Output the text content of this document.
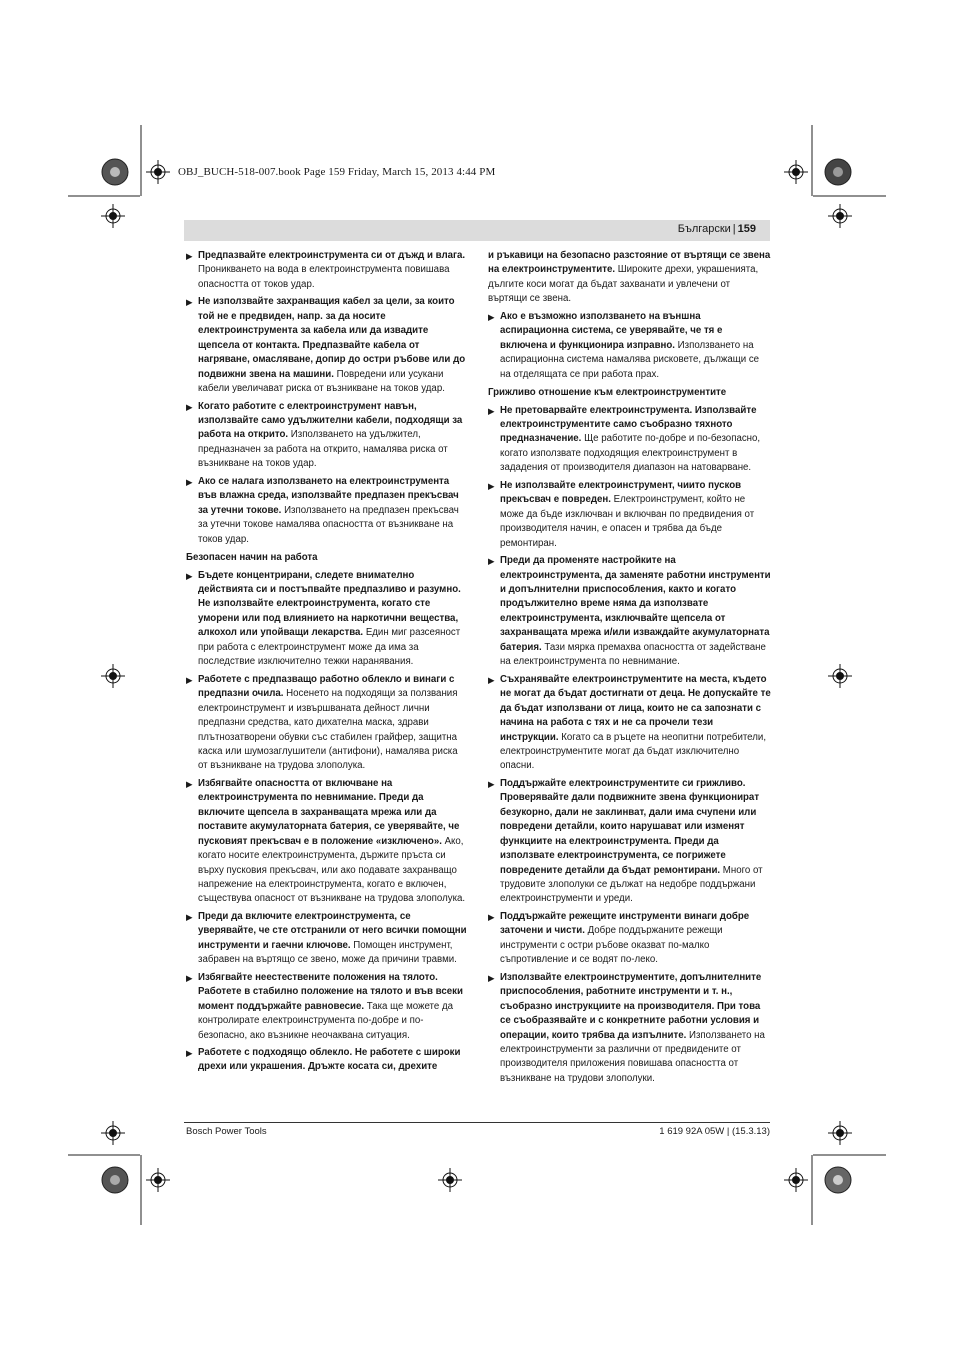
OBJ_BUCH-518-007.book Page 159 Friday, March 15, 2013 4:44 PM
Български | 159
▶ Предпазвайте електроинструмента си от дъжд и влага. Проникването на вода в електроинструмента повишава опасността от токов удар.
▶ Не използвайте захранващия кабел за цели, за които той не е предвиден, напр. за да носите електроинструмента за кабела или да извадите щепсела от контакта. Предпазвайте кабела от нагряване, омасляване, допир до остри ръбове или до подвижни звена на машини. Повредени или усукани кабели увеличават риска от възникване на токов удар.
▶ Когато работите с електроинструмент навън, използвайте само удължителни кабели, подходящи за работа на открито. Използването на удължител, предназначен за работа на открито, намалява риска от възникване на токов удар.
▶ Ако се налага използването на електроинструмента във влажна среда, използвайте предпазен прекъсвач за утечни токове. Използването на предпазен прекъсвач за утечни токове намалява опасността от възникване на токов удар.
Безопасен начин на работа
▶ Бъдете концентрирани, следете внимателно действията си и постъпвайте предпазливо и разумно. Не използвайте електроинструмента, когато сте уморени или под влиянието на наркотични вещества, алкохол или упойващи лекарства. Един миг разсеяност при работа с електроинструмент може да има за последствие изключително тежки наранявания.
▶ Работете с предпазващо работно облекло и винаги с предпазни очила. Носенето на подходящи за ползвания електроинструмент и извършваната дейност лични предпазни средства, като дихателна маска, здрави плътнозатворени обувки със стабилен грайфер, защитна каска или шумозаглушители (антифони), намалява риска от възникване на трудова злополука.
▶ Избягвайте опасността от включване на електроинструмента по невнимание. Преди да включите щепсела в захранващата мрежа или да поставите акумулаторната батерия, се уверявайте, че пусковият прекъсвач е в положение «изключено». Ако, когато носите електроинструмента, държите пръста си върху пусковия прекъсвач, или ако подавате захранващо напрежение на електроинструмента, когато е включен, съществува опасност от възникване на трудова злополука.
▶ Преди да включите електроинструмента, се уверявайте, че сте отстранили от него всички помощни инструменти и гаечни ключове. Помощен инструмент, забравен на въртящо се звено, може да причини травми.
▶ Избягвайте неестествените положения на тялото. Работете в стабилно положение на тялото и във всеки момент поддържайте равновесие. Така ще можете да контролирате електроинструмента по-добре и по-безопасно, ако възникне неочаквана ситуация.
▶ Работете с подходящо облекло. Не работете с широки дрехи или украшения. Дръжте косата си, дрехите
и ръкавици на безопасно разстояние от въртящи се звена на електроинструментите. Широките дрехи, украшенията, дългите коси могат да бъдат захванати и увлечени от въртящи се звена.
▶ Ако е възможно използването на външна аспирационна система, се уверявайте, че тя е включена и функционира изправно. Използването на аспирационна система намалява рисковете, дължащи се на отделящата се при работа прах.
Грижливо отношение към електроинструментите
▶ Не претоварвайте електроинструмента. Използвайте електроинструментите само съобразно тяхното предназначение. Ще работите по-добре и по-безопасно, когато използвате подходящия електроинструмент в зададения от производителя диапазон на натоварване.
▶ Не използвайте електроинструмент, чиито пусков прекъсвач е повреден. Електроинструмент, който не може да бъде изключван и включван по предвидения от производителя начин, е опасен и трябва да бъде ремонтиран.
▶ Преди да променяте настройките на електроинструмента, да заменяте работни инструменти и допълнителни приспособления, както и когато продължително време няма да използвате електроинструмента, изключвайте щепсела от захранващата мрежа и/или изваждайте акумулаторната батерия. Тази мярка премахва опасността от задействане на електроинструмента по невнимание.
▶ Съхранявайте електроинструментите на места, където не могат да бъдат достигнати от деца. Не допускайте те да бъдат използвани от лица, които не са запознати с начина на работа с тях и не са прочели тези инструкции. Когато са в ръцете на неопитни потребители, електроинструментите могат да бъдат изключително опасни.
▶ Поддържайте електроинструментите си грижливо. Проверявайте дали подвижните звена функционират безукорно, дали не заклинват, дали има счупени или повредени детайли, които нарушават или изменят функциите на електроинструмента. Преди да използвате електроинструмента, се погрижете повредените детайли да бъдат ремонтирани. Много от трудовите злополуки се дължат на недобре поддържани електроинструменти и уреди.
▶ Поддържайте режещите инструменти винаги добре заточени и чисти. Добре поддържаните режещи инструменти с остри ръбове оказват по-малко съпротивление и се водят по-леко.
▶ Използвайте електроинструментите, допълнителните приспособления, работните инструменти и т. н., съобразно инструкциите на производителя. При това се съобразявайте и с конкретните работни условия и операции, които трябва да изпълните. Използването на електроинструменти за различни от предвидените от производителя приложения повишава опасността от възникване на трудови злополуки.
Bosch Power Tools	1 619 92A 05W | (15.3.13)
